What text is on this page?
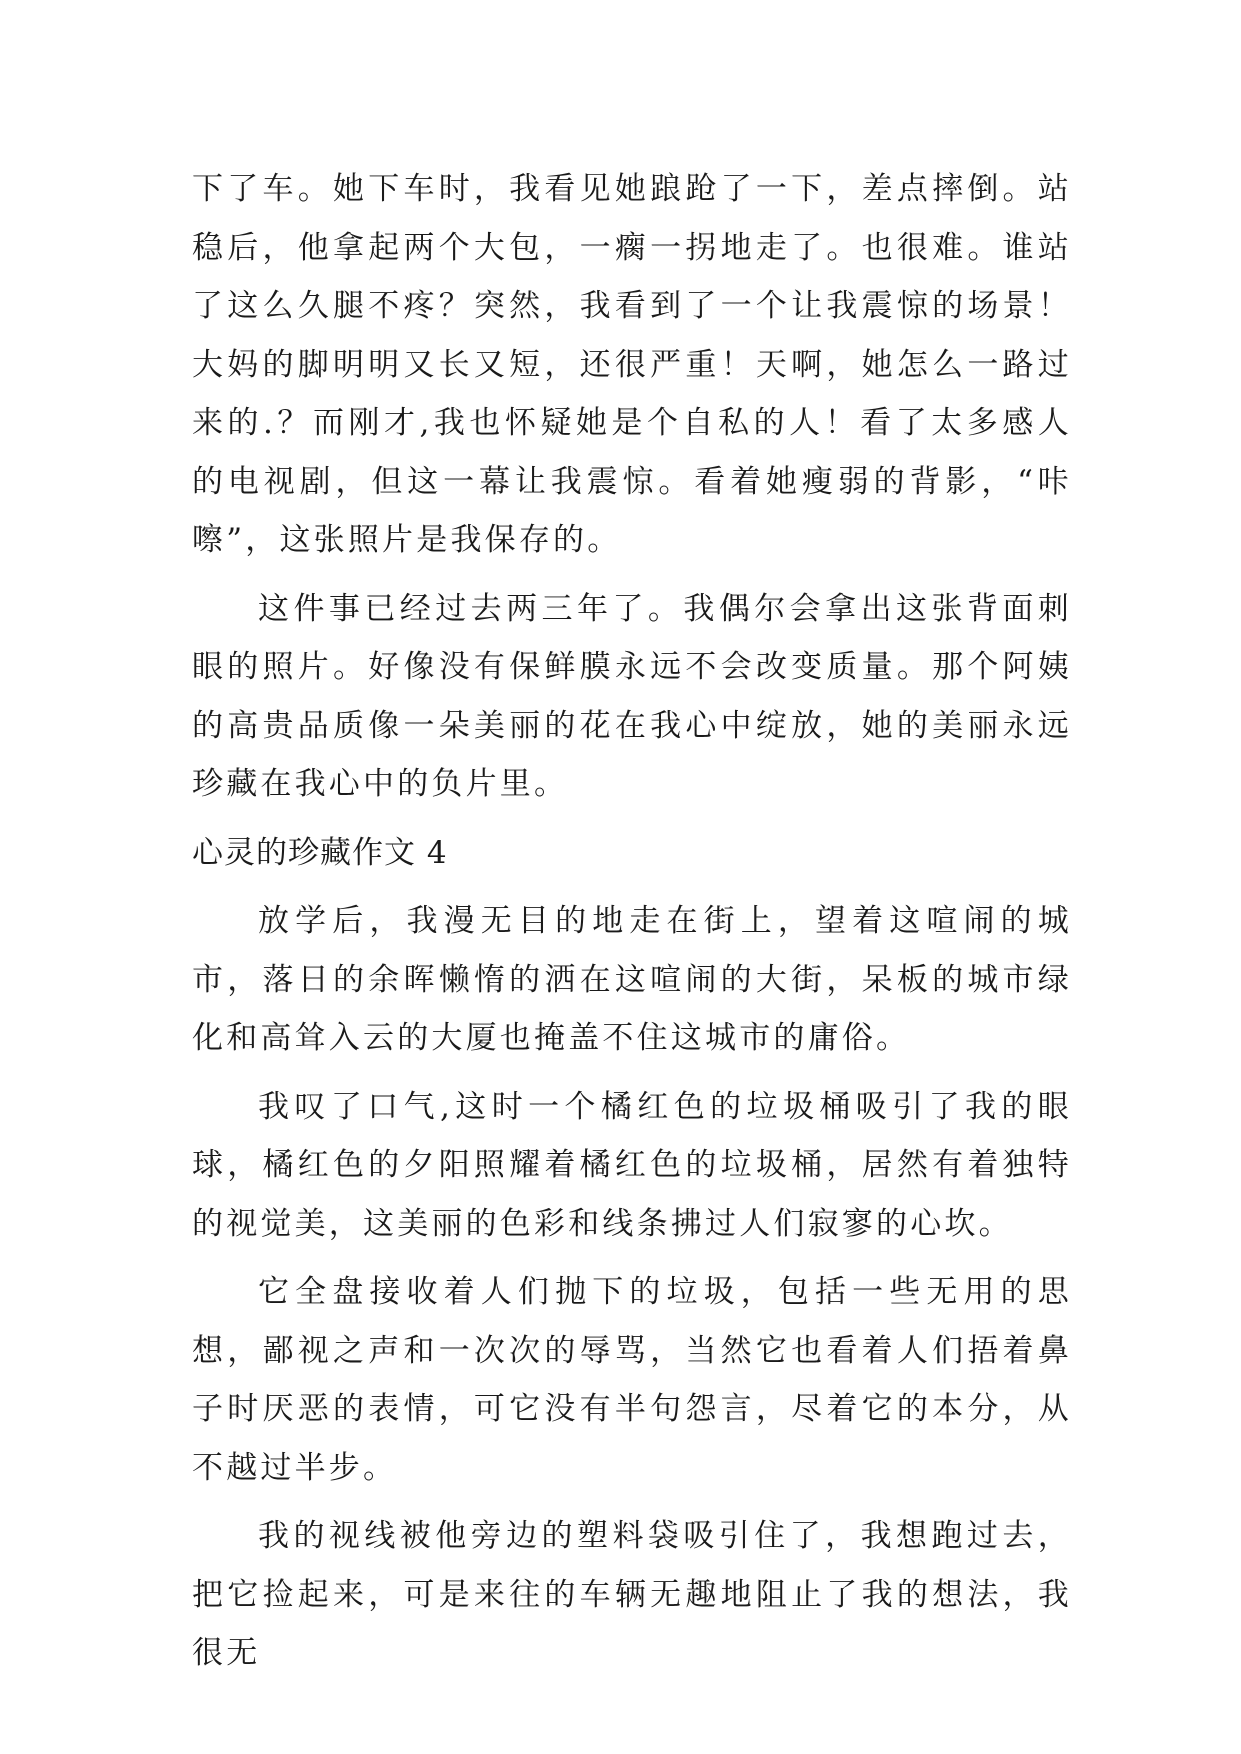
下了车。她下车时，我看见她踉跄了一下，差点摔倒。站稳后，他拿起两个大包，一瘸一拐地走了。也很难。谁站了这么久腿不疼？突然，我看到了一个让我震惊的场景！大妈的脚明明又长又短，还很严重！天啊，她怎么一路过来的.？而刚才,我也怀疑她是个自私的人！看了太多感人的电视剧，但这一幕让我震惊。看着她瘦弱的背影，“咔嚓”，这张照片是我保存的。

这件事已经过去两三年了。我偶尔会拿出这张背面刺眼的照片。好像没有保鲜膜永远不会改变质量。那个阿姨的高贵品质像一朵美丽的花在我心中绽放，她的美丽永远珍藏在我心中的负片里。

心灵的珍藏作文 4

放学后，我漫无目的地走在街上，望着这喧闹的城市，落日的余晖懒惰的洒在这喧闹的大街，呆板的城市绿化和高耸入云的大厦也掩盖不住这城市的庸俗。

我叹了口气,这时一个橘红色的垃圾桶吸引了我的眼球，橘红色的夕阳照耀着橘红色的垃圾桶，居然有着独特的视觉美，这美丽的色彩和线条拂过人们寂寥的心坎。

它全盘接收着人们抛下的垃圾，包括一些无用的思想，鄙视之声和一次次的辱骂，当然它也看着人们捂着鼻子时厌恶的表情，可它没有半句怨言，尽着它的本分，从不越过半步。

我的视线被他旁边的塑料袋吸引住了，我想跑过去，把它捡起来，可是来往的车辆无趣地阻止了我的想法，我很无
